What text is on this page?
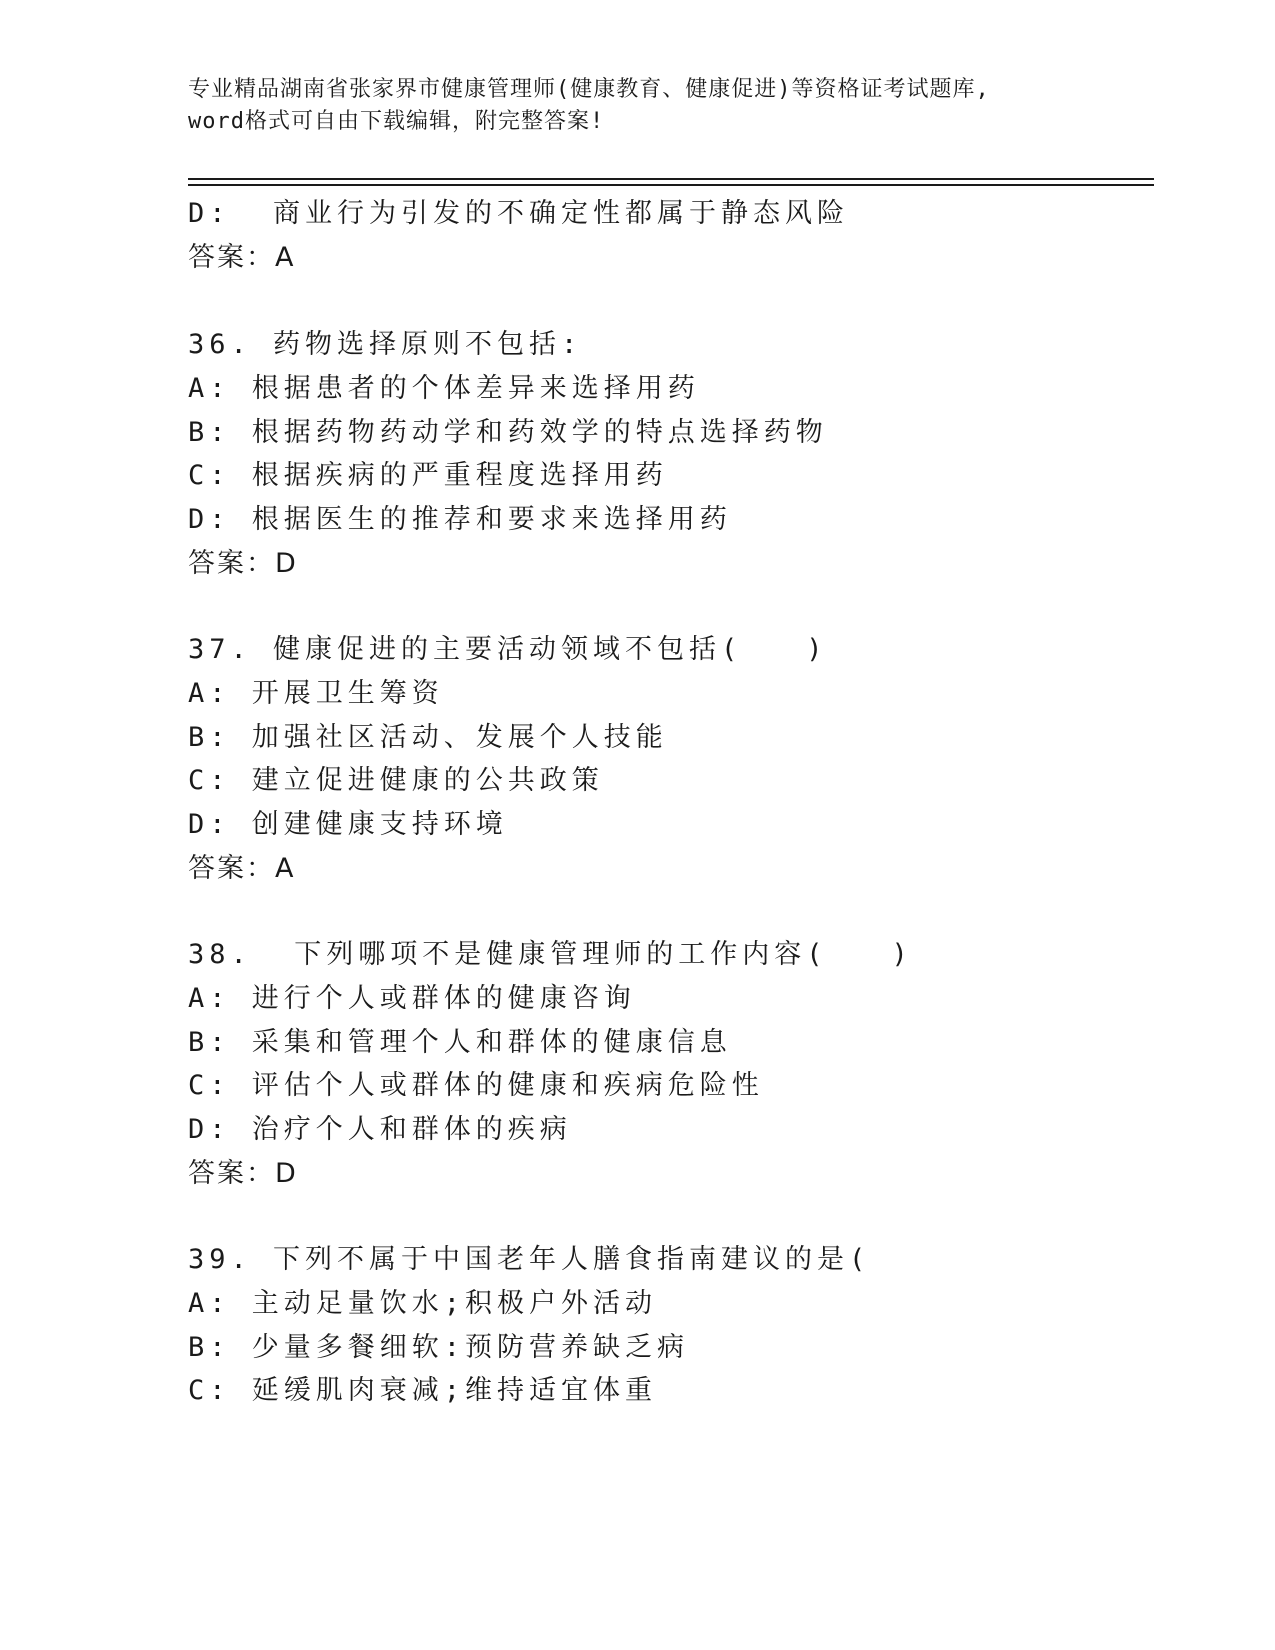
专业精品湖南省张家界市健康管理师(健康教育、健康促进)等资格证考试题库,
word格式可自由下载编辑，附完整答案!
D:  商业行为引发的不确定性都属于静态风险
答案：A
36. 药物选择原则不包括:
A: 根据患者的个体差异来选择用药
B: 根据药物药动学和药效学的特点选择药物
C: 根据疾病的严重程度选择用药
D: 根据医生的推荐和要求来选择用药
答案：D
37. 健康促进的主要活动领域不包括(　　)
A: 开展卫生筹资
B: 加强社区活动、发展个人技能
C: 建立促进健康的公共政策
D: 创建健康支持环境
答案：A
38.  下列哪项不是健康管理师的工作内容(　　)
A: 进行个人或群体的健康咨询
B: 采集和管理个人和群体的健康信息
C: 评估个人或群体的健康和疾病危险性
D: 治疗个人和群体的疾病
答案：D
39. 下列不属于中国老年人膳食指南建议的是(
A: 主动足量饮水;积极户外活动
B: 少量多餐细软:预防营养缺乏病
C: 延缓肌肉衰减;维持适宜体重
